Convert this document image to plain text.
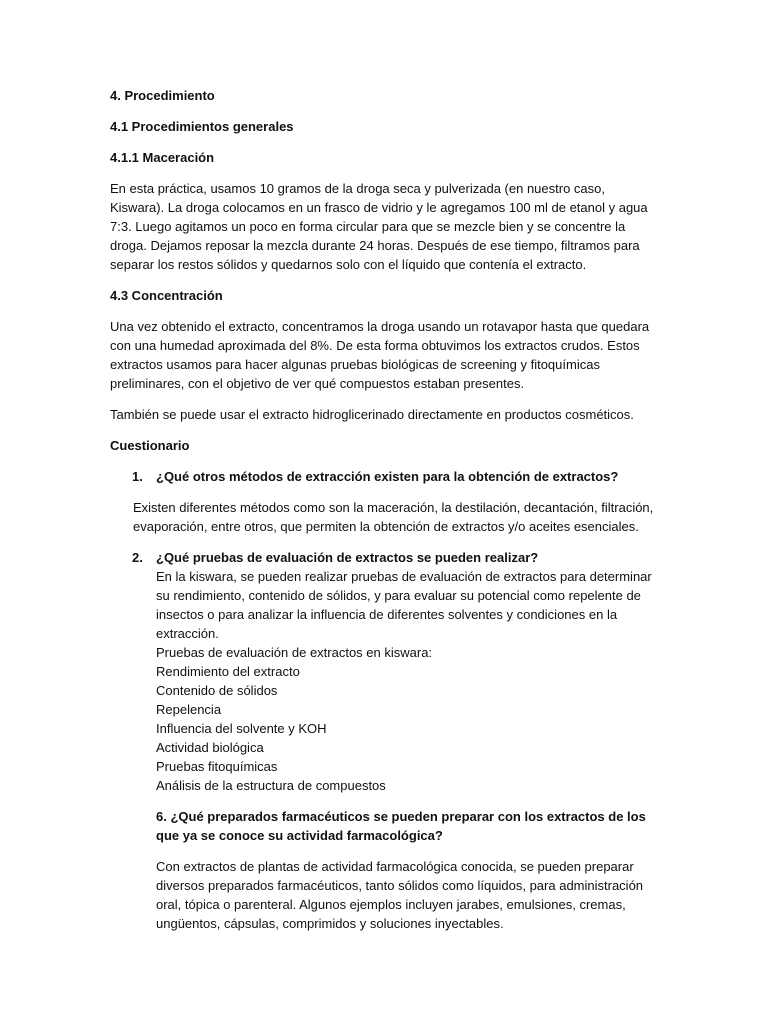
4. Procedimiento
4.1 Procedimientos generales
4.1.1 Maceración

En esta práctica, usamos 10 gramos de la droga seca y pulverizada (en nuestro caso, Kiswara). La droga colocamos en un frasco de vidrio y le agregamos 100 ml de etanol y agua 7:3. Luego agitamos un poco en forma circular para que se mezcle bien y se concentre la droga. Dejamos reposar la mezcla durante 24 horas. Después de ese tiempo, filtramos para separar los restos sólidos y quedarnos solo con el líquido que contenía el extracto.

4.3 Concentración

Una vez obtenido el extracto, concentramos la droga usando un rotavapor hasta que quedara con una humedad aproximada del 8%. De esta forma obtuvimos los extractos crudos. Estos extractos usamos para hacer algunas pruebas biológicas de screening y fitoquímicas preliminares, con el objetivo de ver qué compuestos estaban presentes.

También se puede usar el extracto hidroglicerinado directamente en productos cosméticos.

Cuestionario
1.	¿Qué otros métodos de extracción existen para la obtención de extractos?

Existen diferentes métodos como son la maceración, la destilación, decantación, filtración, evaporación, entre otros, que permiten la obtención de extractos y/o aceites esenciales.

2.	¿Qué pruebas de evaluación de extractos se pueden realizar?

En la kiswara, se pueden realizar pruebas de evaluación de extractos para determinar su rendimiento, contenido de sólidos, y para evaluar su potencial como repelente de insectos o para analizar la influencia de diferentes solventes y condiciones en la extracción.

Pruebas de evaluación de extractos en kiswara:

Rendimiento del extracto
Contenido de sólidos
Repelencia
Influencia del solvente y KOH
Actividad biológica
Pruebas fitoquímicas
Análisis de la estructura de compuestos

6. ¿Qué preparados farmacéuticos se pueden preparar con los extractos de los que ya se conoce su actividad farmacológica?

Con extractos de plantas de actividad farmacológica conocida, se pueden preparar diversos preparados farmacéuticos, tanto sólidos como líquidos, para administración oral, tópica o parenteral. Algunos ejemplos incluyen jarabes, emulsiones, cremas, ungüentos, cápsulas, comprimidos y soluciones inyectables.
